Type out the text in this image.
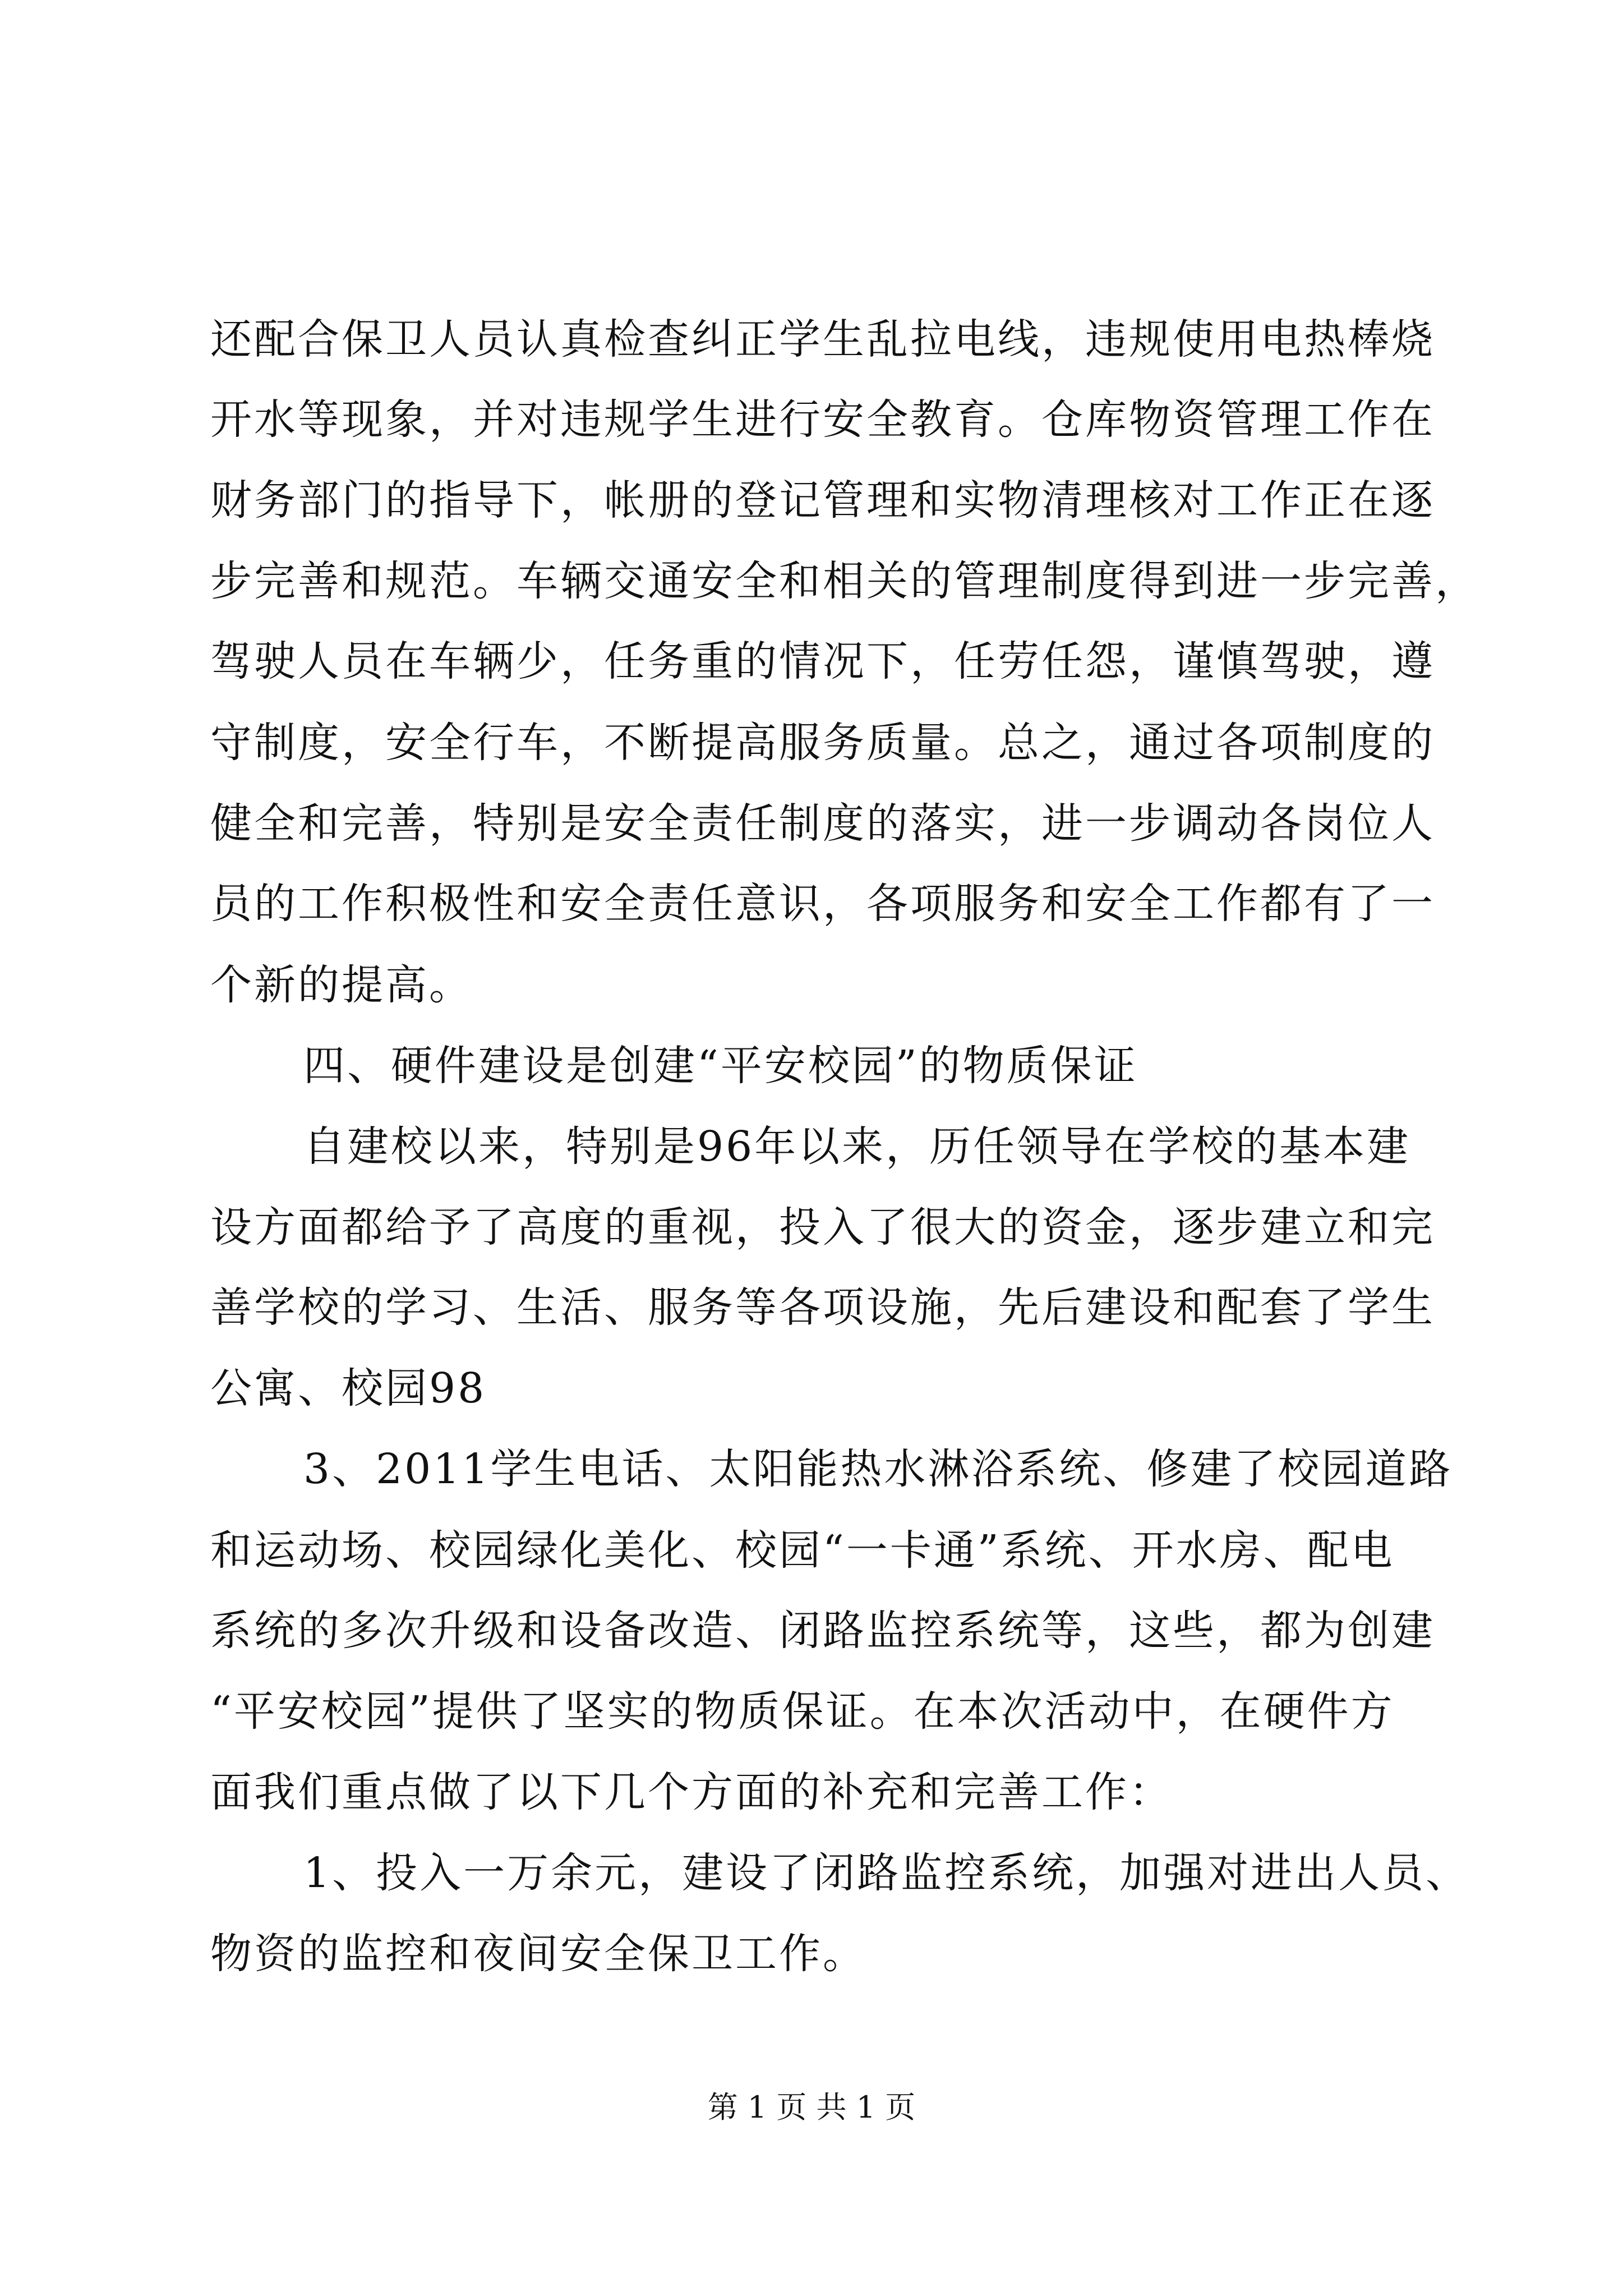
还配合保卫人员认真检查纠正学生乱拉电线，违规使用电热棒烧
开水等现象，并对违规学生进行安全教育。仓库物资管理工作在
财务部门的指导下，帐册的登记管理和实物清理核对工作正在逐
步完善和规范。车辆交通安全和相关的管理制度得到进一步完善，
驾驶人员在车辆少，任务重的情况下，任劳任怨，谨慎驾驶，遵
守制度，安全行车，不断提高服务质量。总之，通过各项制度的
健全和完善，特别是安全责任制度的落实，进一步调动各岗位人
员的工作积极性和安全责任意识，各项服务和安全工作都有了一
个新的提高。
四、硬件建设是创建“平安校园”的物质保证
自建校以来，特别是96年以来，历任领导在学校的基本建
设方面都给予了高度的重视，投入了很大的资金，逐步建立和完
善学校的学习、生活、服务等各项设施，先后建设和配套了学生
公寓、校园98
3、2011学生电话、太阳能热水淋浴系统、修建了校园道路
和运动场、校园绿化美化、校园“一卡通”系统、开水房、配电
系统的多次升级和设备改造、闭路监控系统等，这些，都为创建
“平安校园”提供了坚实的物质保证。在本次活动中，在硬件方
面我们重点做了以下几个方面的补充和完善工作：
1、投入一万余元，建设了闭路监控系统，加强对进出人员、
物资的监控和夜间安全保卫工作。
第 1 页 共 1 页
